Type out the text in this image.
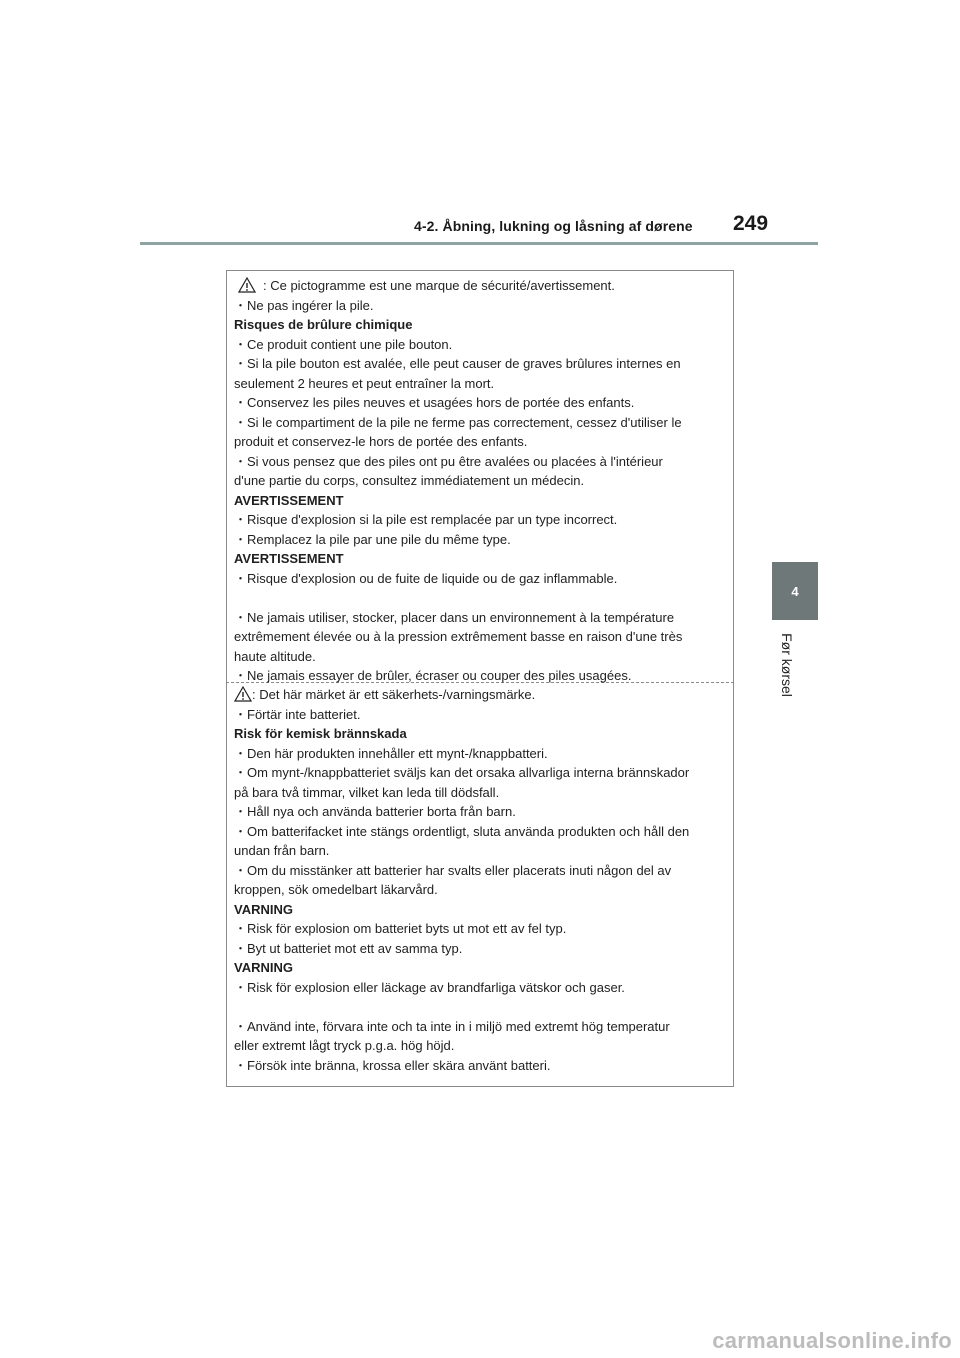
4-2. Åbning, lukning og låsning af dørene 249
4
Før kørsel
: Ce pictogramme est une marque de sécurité/avertissement.
・Ne pas ingérer la pile.
Risques de brûlure chimique
・Ce produit contient une pile bouton.
・Si la pile bouton est avalée, elle peut causer de graves brûlures internes en
seulement 2 heures et peut entraîner la mort.
・Conservez les piles neuves et usagées hors de portée des enfants.
・Si le compartiment de la pile ne ferme pas correctement, cessez d'utiliser le
produit et conservez-le hors de portée des enfants.
・Si vous pensez que des piles ont pu être avalées ou placées à l'intérieur
d'une partie du corps, consultez immédiatement un médecin.
AVERTISSEMENT
・Risque d'explosion si la pile est remplacée par un type incorrect.
・Remplacez la pile par une pile du même type.
AVERTISSEMENT
・Risque d'explosion ou de fuite de liquide ou de gaz inflammable.
・Ne jamais utiliser, stocker, placer dans un environnement à la température
extrêmement élevée ou à la pression extrêmement basse en raison d'une très
haute altitude.
・Ne jamais essayer de brûler, écraser ou couper des piles usagées.
: Det här märket är ett säkerhets-/varningsmärke.
・Förtär inte batteriet.
Risk för kemisk brännskada
・Den här produkten innehåller ett mynt-/knappbatteri.
・Om mynt-/knappbatteriet sväljs kan det orsaka allvarliga interna brännskador
på bara två timmar, vilket kan leda till dödsfall.
・Håll nya och använda batterier borta från barn.
・Om batterifacket inte stängs ordentligt, sluta använda produkten och håll den
undan från barn.
・Om du misstänker att batterier har svalts eller placerats inuti någon del av
kroppen, sök omedelbart läkarvård.
VARNING
・Risk för explosion om batteriet byts ut mot ett av fel typ.
・Byt ut batteriet mot ett av samma typ.
VARNING
・Risk för explosion eller läckage av brandfarliga vätskor och gaser.
・Använd inte, förvara inte och ta inte in i miljö med extremt hög temperatur
eller extremt lågt tryck p.g.a. hög höjd.
・Försök inte bränna, krossa eller skära använt batteri.
carmanualsonline.info
